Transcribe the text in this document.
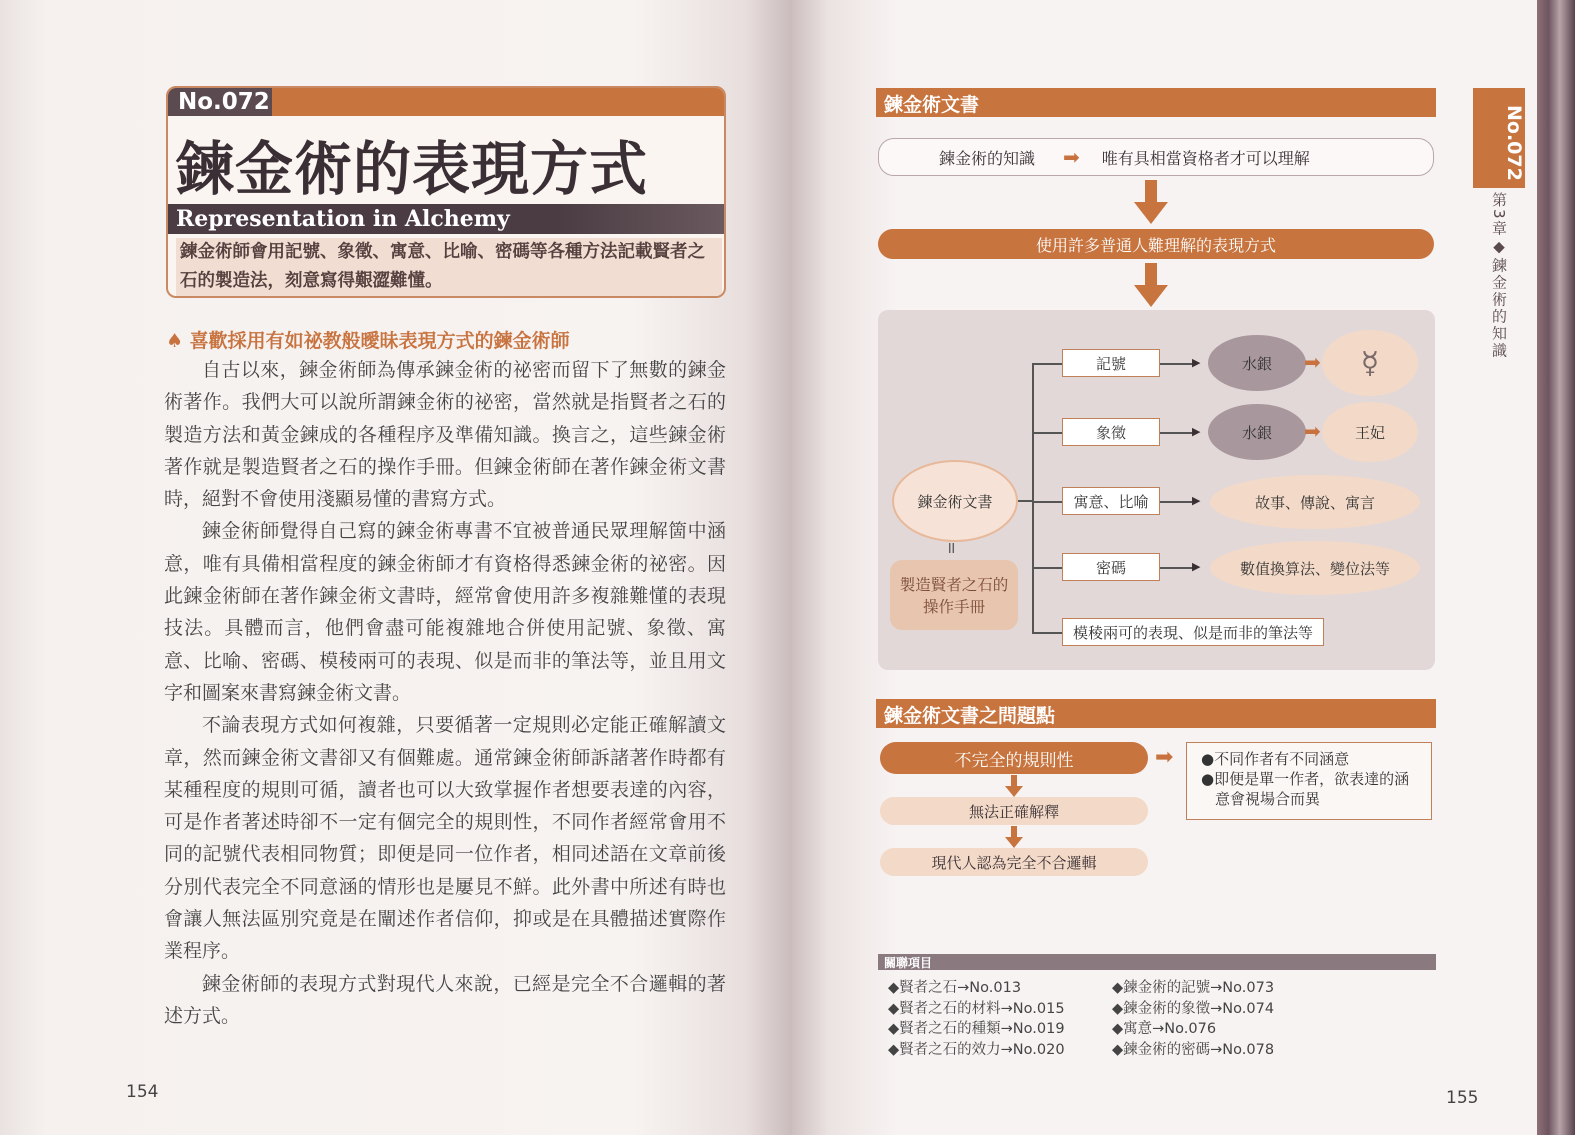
No.072
鍊金術的表現方式
Representation in Alchemy
鍊金術師會用記號、象徵、寓意、比喻、密碼等各種方法記載賢者之石的製造法，刻意寫得艱澀難懂。
♠ 喜歡採用有如祕教般曖昧表現方式的鍊金術師

自古以來，鍊金術師為傳承鍊金術的祕密而留下了無數的鍊金術著作。我們大可以說所謂鍊金術的祕密，當然就是指賢者之石的製造方法和黃金鍊成的各種程序及準備知識。換言之，這些鍊金術著作就是製造賢者之石的操作手冊。但鍊金術師在著作鍊金術文書時，絕對不會使用淺顯易懂的書寫方式。

鍊金術師覺得自己寫的鍊金術專書不宜被普通民眾理解箇中涵意，唯有具備相當程度的鍊金術師才有資格得悉鍊金術的祕密。因此鍊金術師在著作鍊金術文書時，經常會使用許多複雜難懂的表現技法。具體而言，他們會盡可能複雜地合併使用記號、象徵、寓意、比喻、密碼、模稜兩可的表現、似是而非的筆法等，並且用文字和圖案來書寫鍊金術文書。

不論表現方式如何複雜，只要循著一定規則必定能正確解讀文章，然而鍊金術文書卻又有個難處。通常鍊金術師訴諸著作時都有某種程度的規則可循，讀者也可以大致掌握作者想要表達的內容，可是作者著述時卻不一定有個完全的規則性，不同作者經常會用不同的記號代表相同物質；即便是同一位作者，相同述語在文章前後分別代表完全不同意涵的情形也是屢見不鮮。此外書中所述有時也會讓人無法區別究竟是在闡述作者信仰，抑或是在具體描述實際作業程序。

鍊金術師的表現方式對現代人來說，已經是完全不合邏輯的著述方式。

154
鍊金術文書
鍊金術的知識 ➡ 唯有具相當資格者才可以理解
使用許多普通人難理解的表現方式
▶
▶
▶
▶
鍊金術文書
॥
製造賢者之石的操作手冊
記號
象徵
寓意、比喻
密碼
模稜兩可的表現、似是而非的筆法等
水銀	➡	☿
水銀	➡	王妃
故事、傳說、寓言
數值換算法、變位法等
鍊金術文書之問題點
不完全的規則性	➡ ●不同作者有不同涵意
●即便是單一作者，欲表達的涵
意會視場合而異
無法正確解釋
現代人認為完全不合邏輯
關聯項目
◆賢者之石→No.013
◆賢者之石的材料→No.015
◆賢者之石的種類→No.019
◆賢者之石的效力→No.020
◆鍊金術的記號→No.073
◆鍊金術的象徵→No.074
◆寓意→No.076
◆鍊金術的密碼→No.078
No.072
第3章◆鍊金術的知識
155
